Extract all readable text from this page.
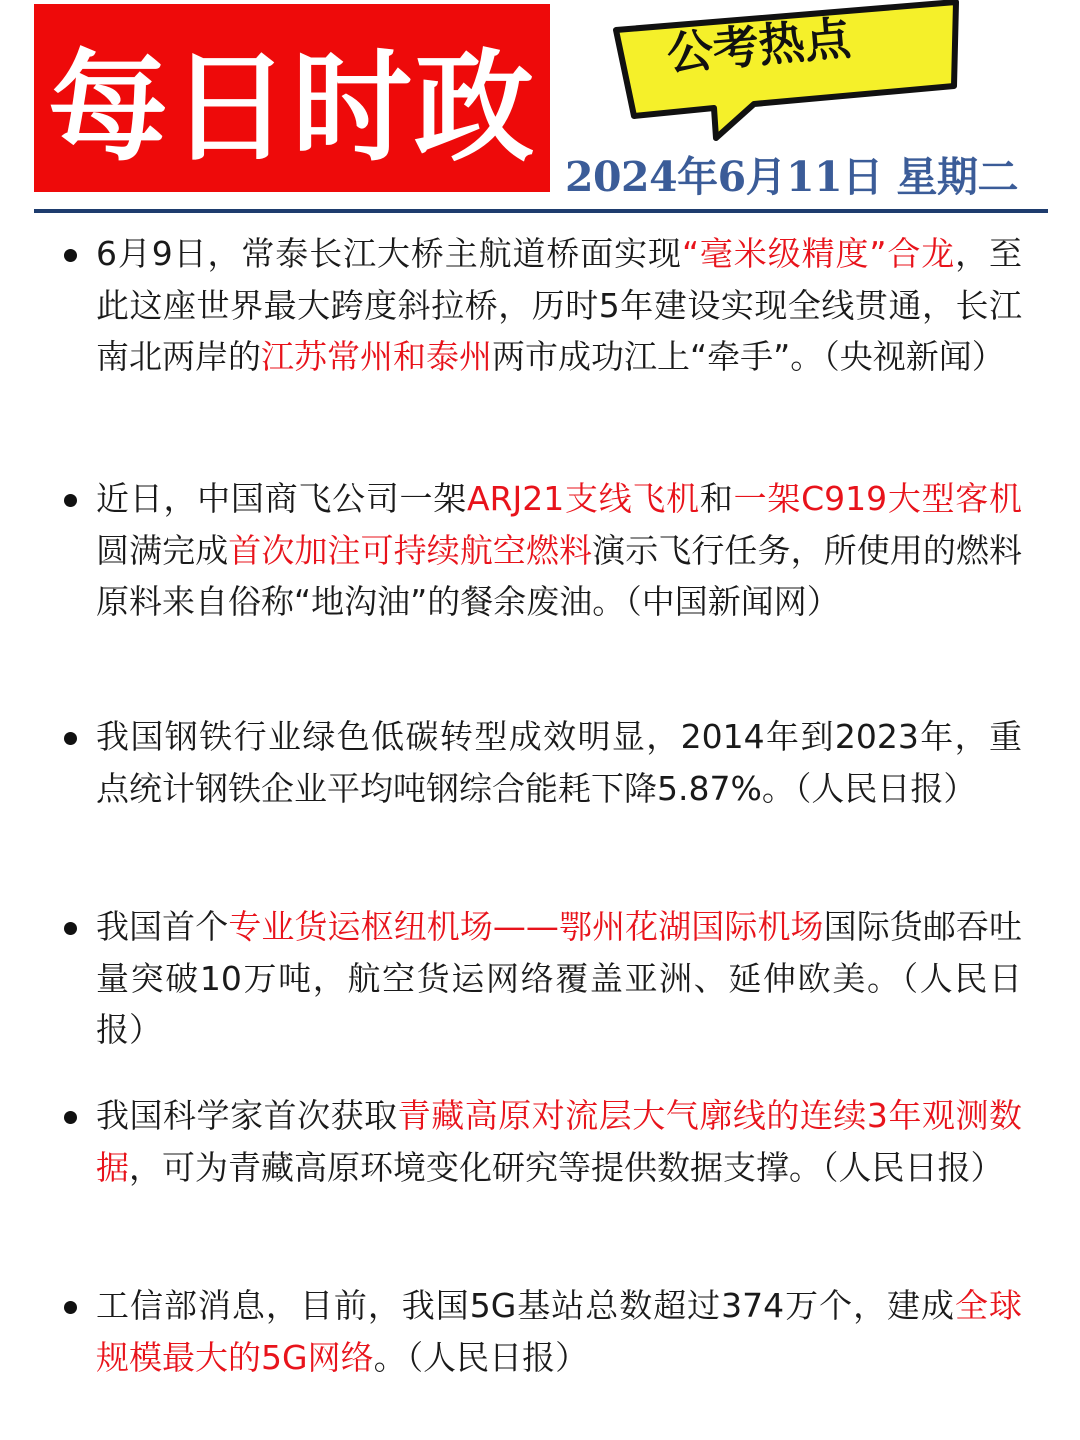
每日时政	公考热点
2024年6月11日 星期二
6月9日，常泰长江大桥主航道桥面实现“毫米级精度”合龙，至此这座世界最大跨度斜拉桥，历时5年建设实现全线贯通，长江南北两岸的江苏常州和泰州两市成功江上“牵手”。（央视新闻）
近日，中国商飞公司一架ARJ21支线飞机和一架C919大型客机圆满完成首次加注可持续航空燃料演示飞行任务，所使用的燃料原料来自俗称“地沟油”的餐余废油。（中国新闻网）
我国钢铁行业绿色低碳转型成效明显，2014年到2023年，重点统计钢铁企业平均吨钢综合能耗下降5.87%。（人民日报）
我国首个专业货运枢纽机场——鄂州花湖国际机场国际货邮吞吐量突破10万吨，航空货运网络覆盖亚洲、延伸欧美。（人民日报）
我国科学家首次获取青藏高原对流层大气廓线的连续3年观测数据，可为青藏高原环境变化研究等提供数据支撑。（人民日报）
工信部消息，目前，我国5G基站总数超过374万个，建成全球规模最大的5G网络。（人民日报）
